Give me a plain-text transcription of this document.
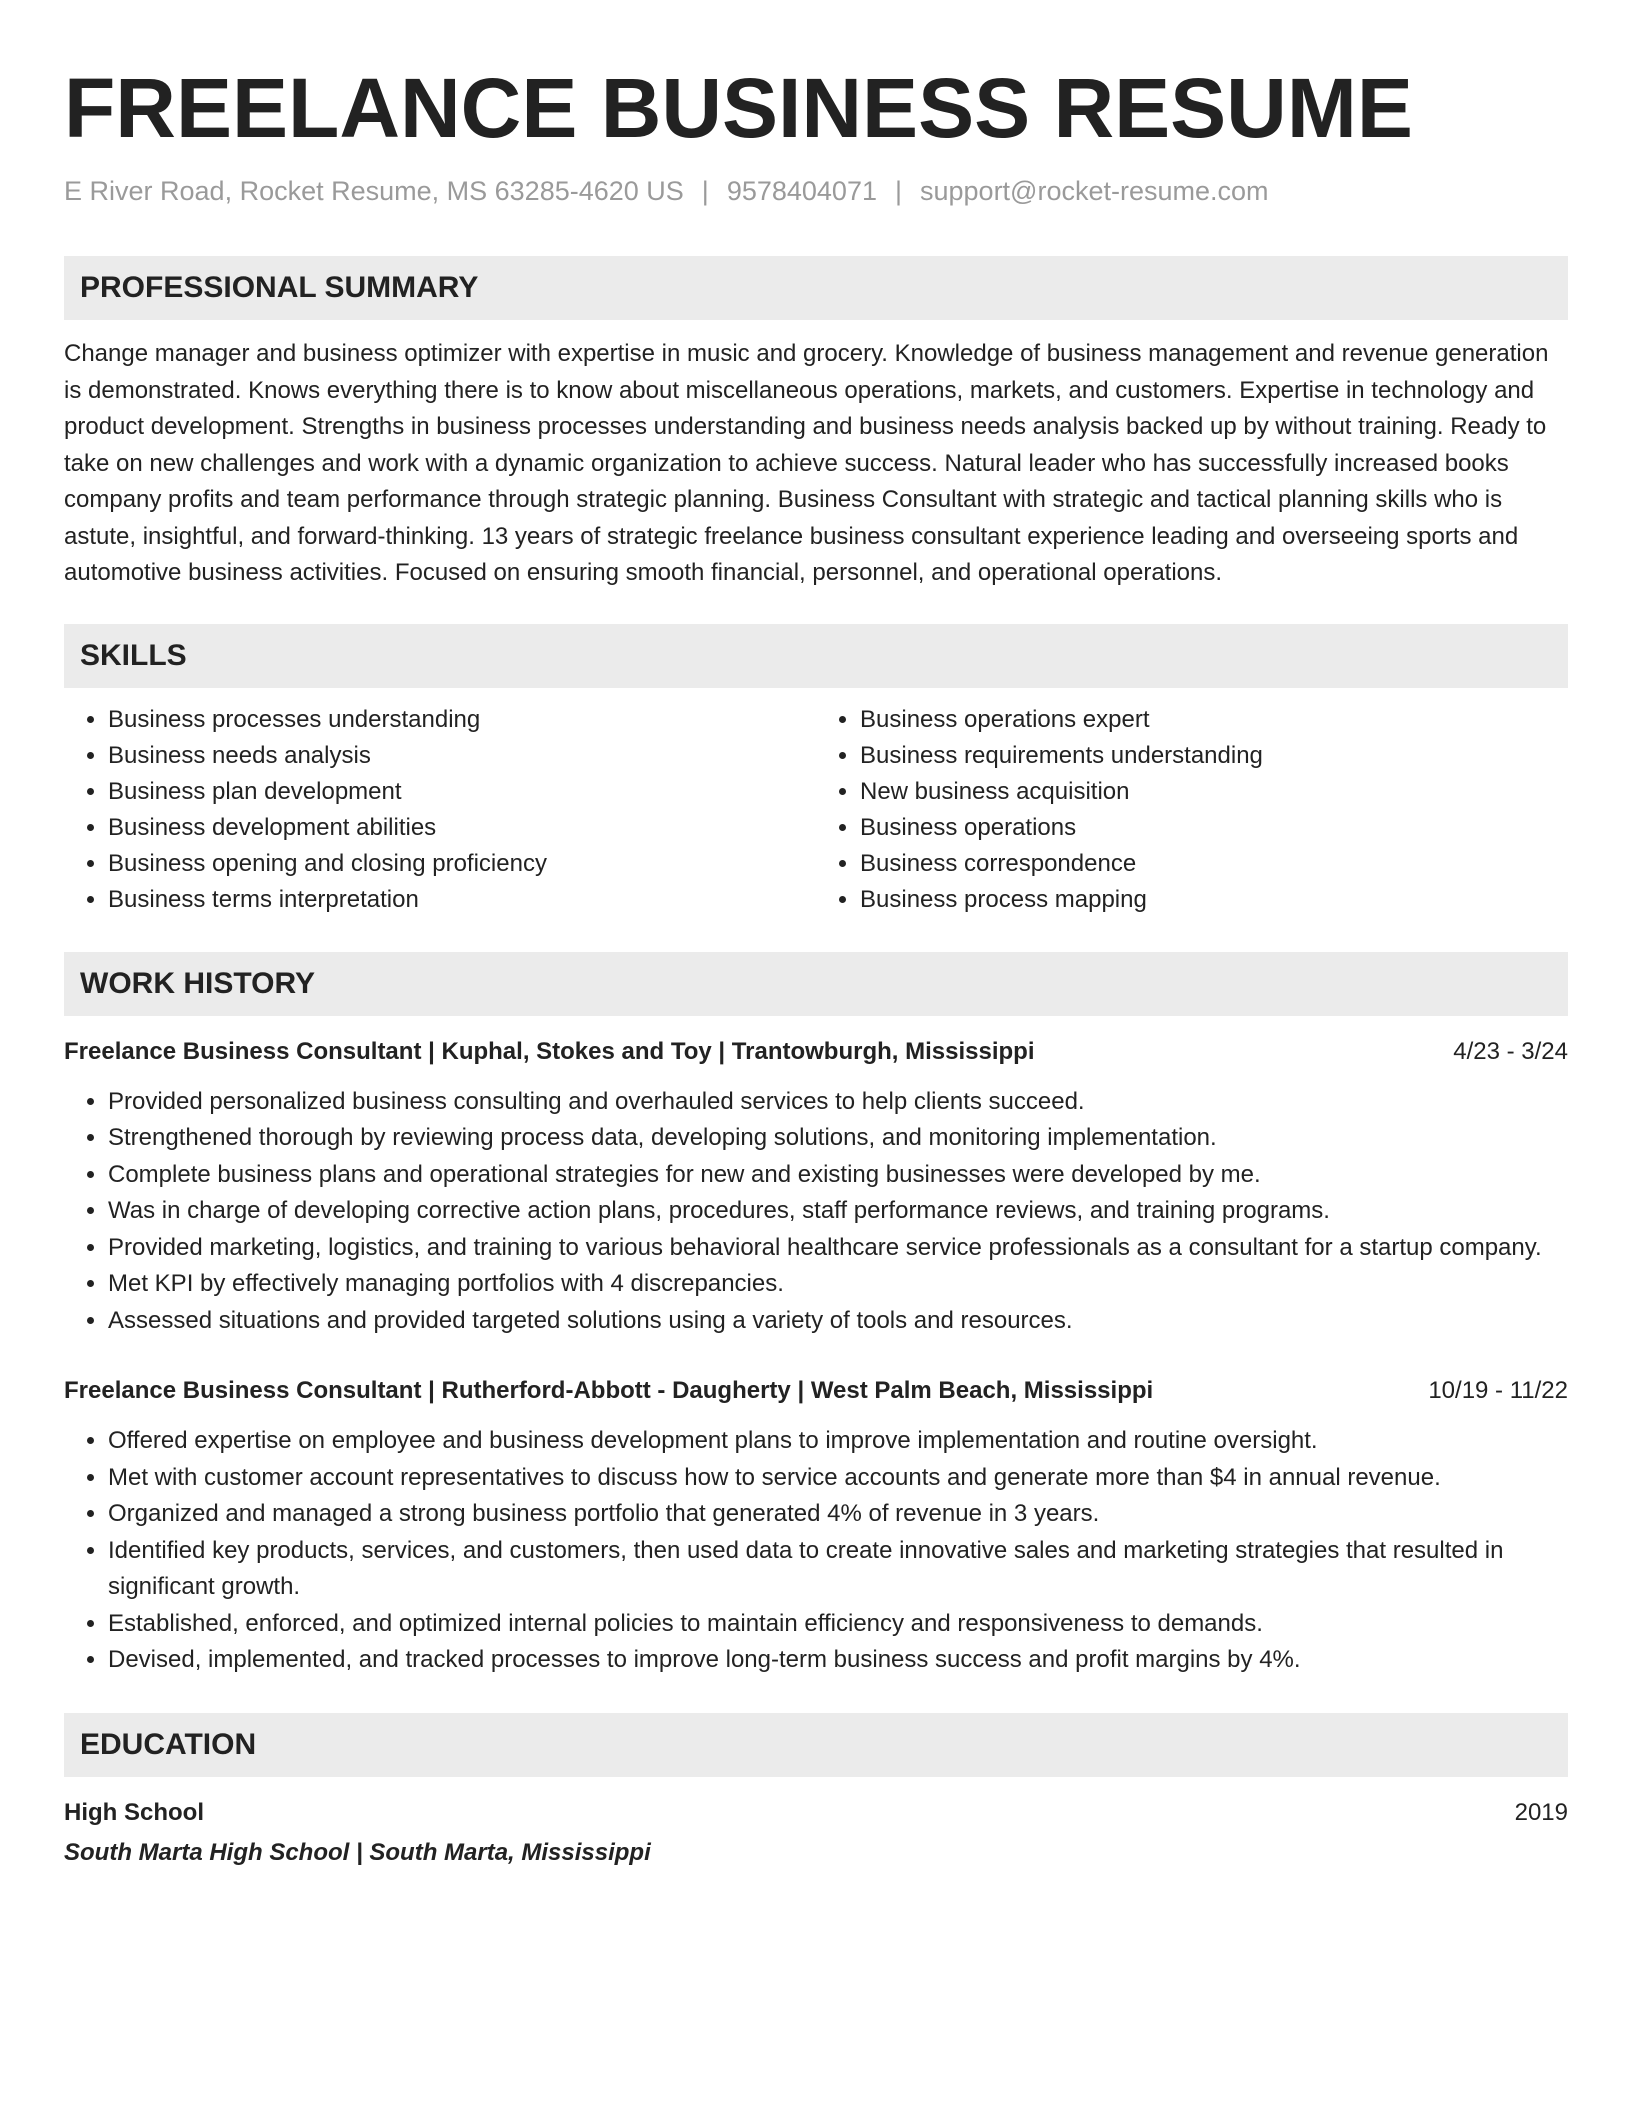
FREELANCE BUSINESS RESUME
E River Road, Rocket Resume, MS 63285-4620 US | 9578404071 | support@rocket-resume.com
PROFESSIONAL SUMMARY
Change manager and business optimizer with expertise in music and grocery. Knowledge of business management and revenue generation is demonstrated. Knows everything there is to know about miscellaneous operations, markets, and customers. Expertise in technology and product development. Strengths in business processes understanding and business needs analysis backed up by without training. Ready to take on new challenges and work with a dynamic organization to achieve success. Natural leader who has successfully increased books company profits and team performance through strategic planning. Business Consultant with strategic and tactical planning skills who is astute, insightful, and forward-thinking. 13 years of strategic freelance business consultant experience leading and overseeing sports and automotive business activities. Focused on ensuring smooth financial, personnel, and operational operations.
SKILLS
• Business processes understanding
• Business needs analysis
• Business plan development
• Business development abilities
• Business opening and closing proficiency
• Business terms interpretation
• Business operations expert
• Business requirements understanding
• New business acquisition
• Business operations
• Business correspondence
• Business process mapping
WORK HISTORY
Freelance Business Consultant | Kuphal, Stokes and Toy | Trantowburgh, Mississippi	4/23 - 3/24
• Provided personalized business consulting and overhauled services to help clients succeed.
• Strengthened thorough by reviewing process data, developing solutions, and monitoring implementation.
• Complete business plans and operational strategies for new and existing businesses were developed by me.
• Was in charge of developing corrective action plans, procedures, staff performance reviews, and training programs.
• Provided marketing, logistics, and training to various behavioral healthcare service professionals as a consultant for a startup company.
• Met KPI by effectively managing portfolios with 4 discrepancies.
• Assessed situations and provided targeted solutions using a variety of tools and resources.
Freelance Business Consultant | Rutherford-Abbott - Daugherty | West Palm Beach, Mississippi	10/19 - 11/22
• Offered expertise on employee and business development plans to improve implementation and routine oversight.
• Met with customer account representatives to discuss how to service accounts and generate more than $4 in annual revenue.
• Organized and managed a strong business portfolio that generated 4% of revenue in 3 years.
• Identified key products, services, and customers, then used data to create innovative sales and marketing strategies that resulted in significant growth.
• Established, enforced, and optimized internal policies to maintain efficiency and responsiveness to demands.
• Devised, implemented, and tracked processes to improve long-term business success and profit margins by 4%.
EDUCATION
High School	2019
South Marta High School | South Marta, Mississippi
